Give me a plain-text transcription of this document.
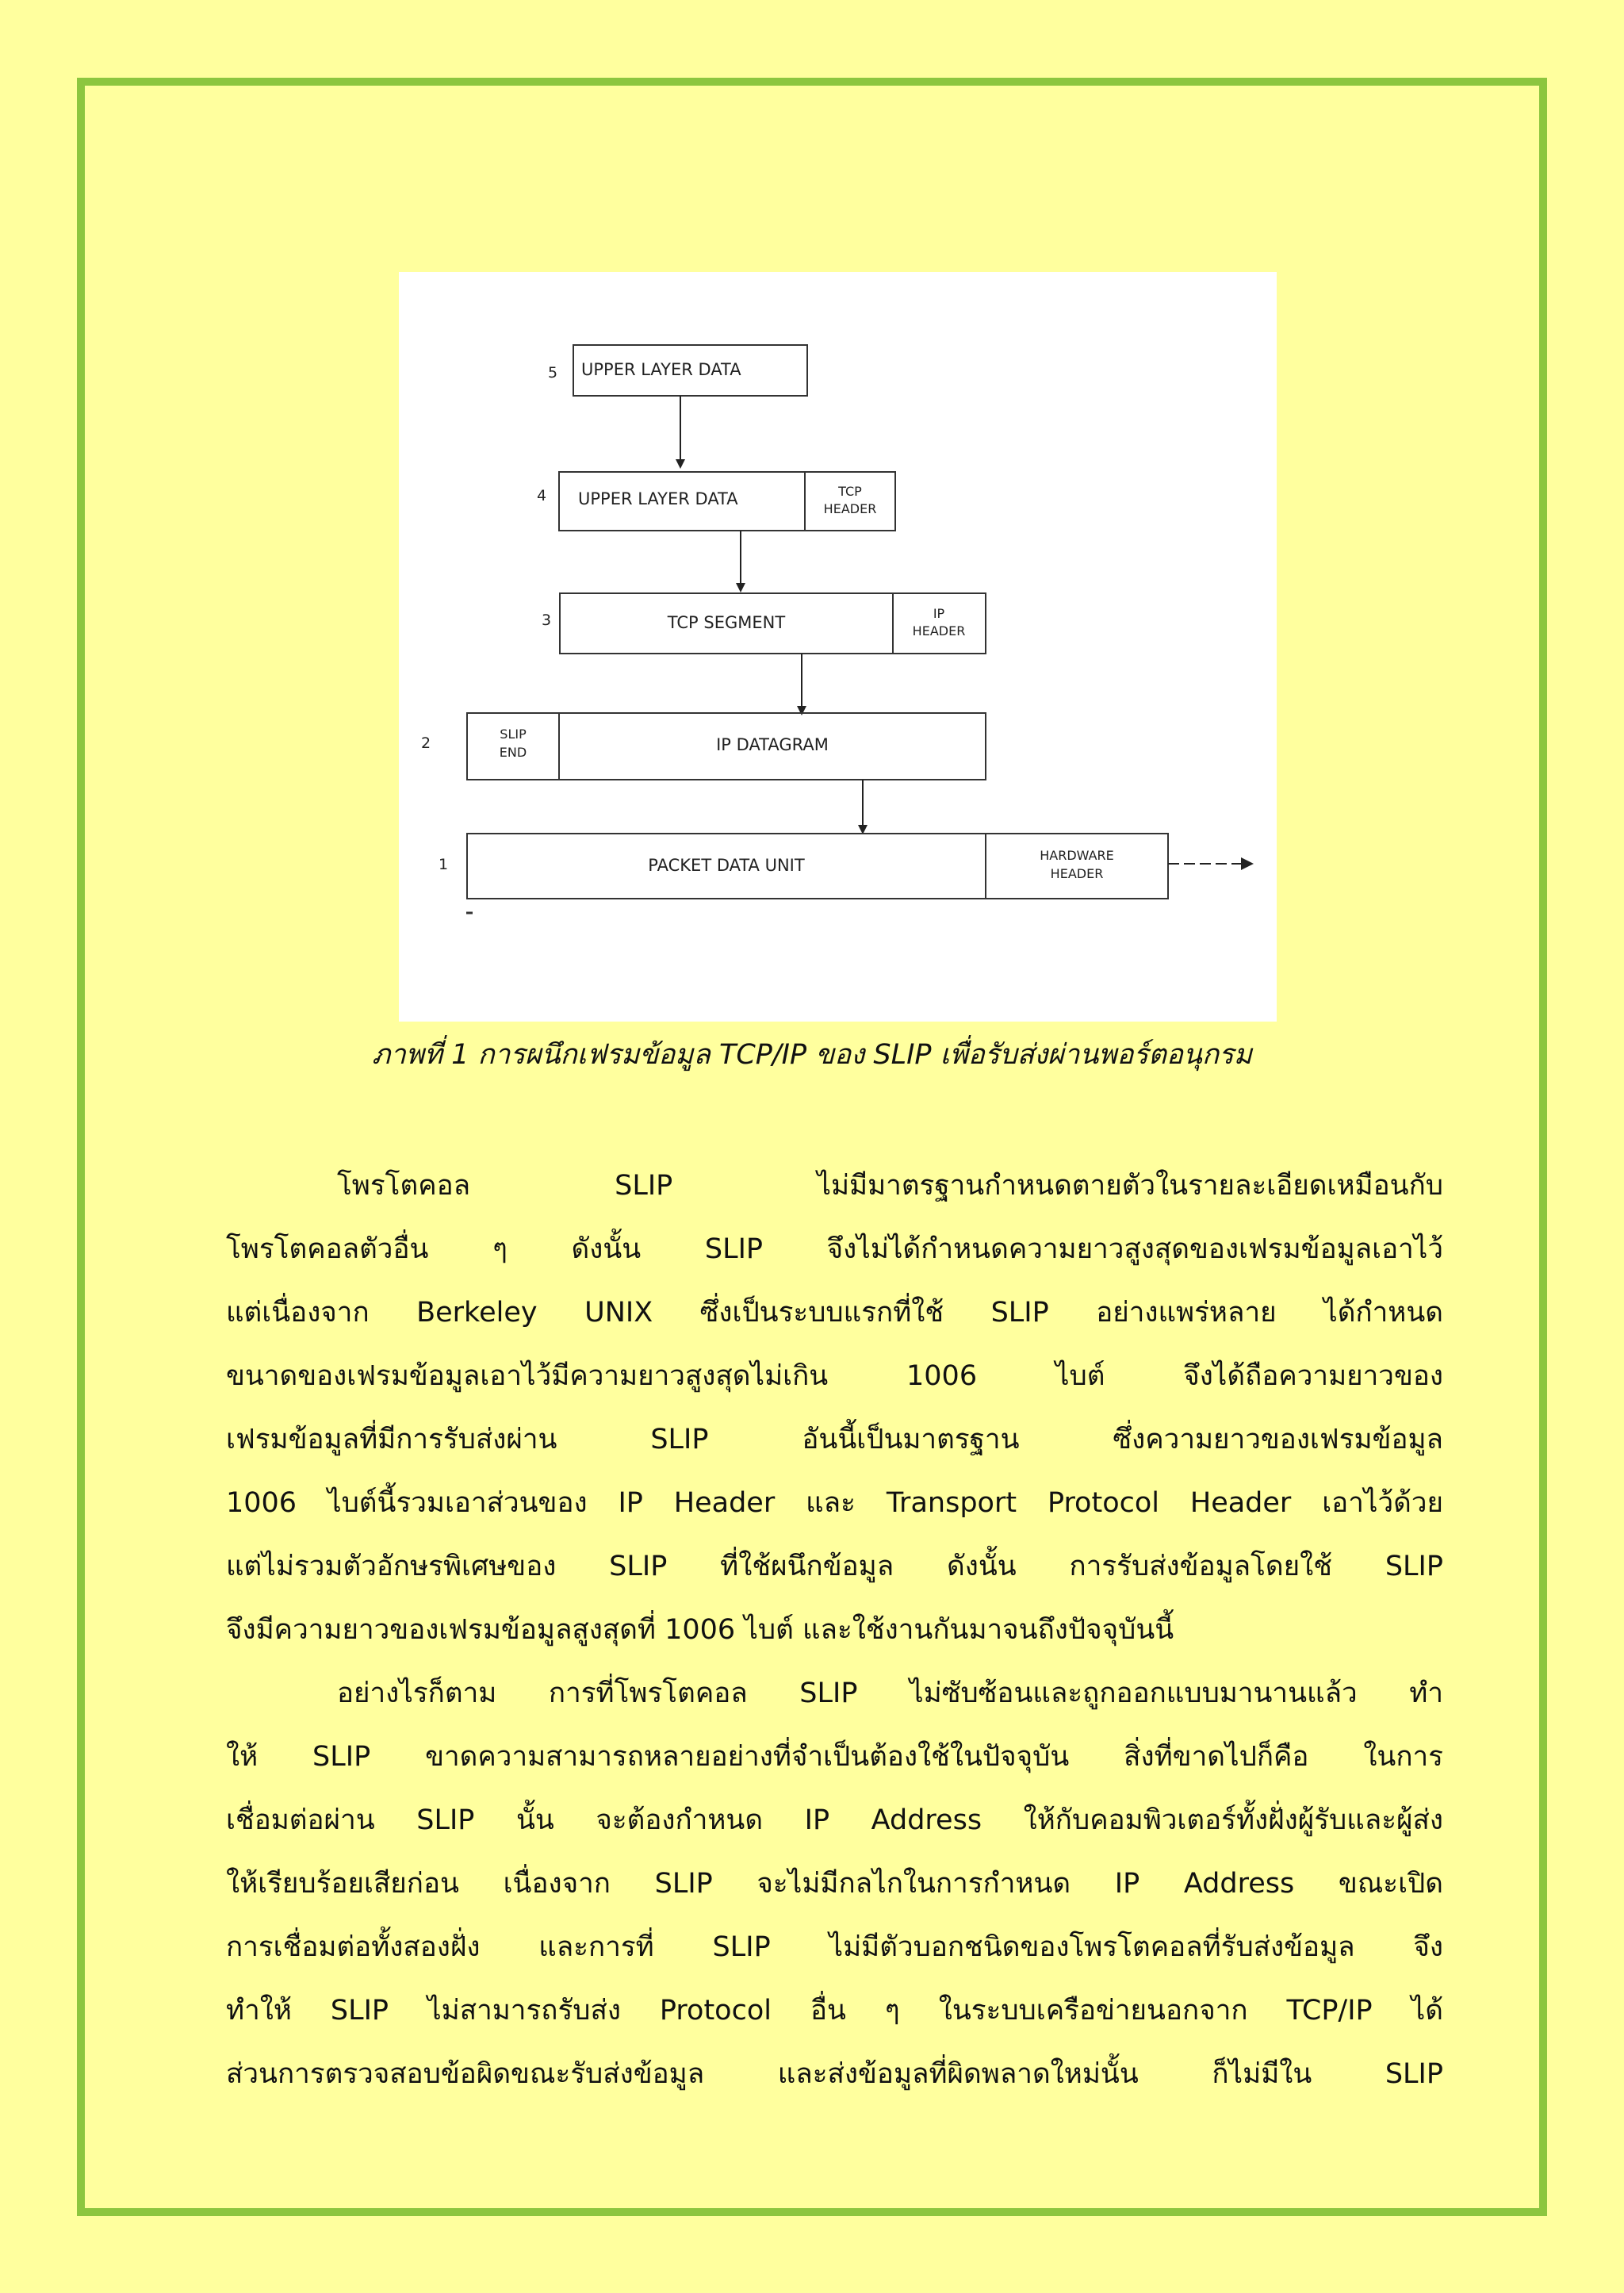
5 UPPER LAYER DATA
4 UPPER LAYER DATA	TCP
HEADER
3	TCP SEGMENT	IP
HEADER
2
SLIP
END	IP DATAGRAM
1	PACKET DATA UNIT
HARDWARE
HEADER
ภาพที่ 1 การผนึกเฟรมข้อมูล TCP/IP ของ SLIP เพื่อรับส่งผ่านพอร์ตอนุกรม
โพรโตคอล SLIP ไม่มีมาตรฐานกำหนดตายตัวในรายละเอียดเหมือนกับ
โพรโตคอลตัวอื่น ๆ ดังนั้น SLIP จึงไม่ได้กำหนดความยาวสูงสุดของเฟรมข้อมูลเอาไว้
แต่เนื่องจาก Berkeley UNIX ซึ่งเป็นระบบแรกที่ใช้ SLIP อย่างแพร่หลาย ได้กำหนด
ขนาดของเฟรมข้อมูลเอาไว้มีความยาวสูงสุดไม่เกิน 1006 ไบต์ จึงได้ถือความยาวของ
เฟรมข้อมูลที่มีการรับส่งผ่าน SLIP อันนี้เป็นมาตรฐาน ซึ่งความยาวของเฟรมข้อมูล
1006 ไบต์นี้รวมเอาส่วนของ IP Header และ Transport Protocol Header เอาไว้ด้วย
แต่ไม่รวมตัวอักษรพิเศษของ SLIP ที่ใช้ผนึกข้อมูล ดังนั้น การรับส่งข้อมูลโดยใช้ SLIP
จึงมีความยาวของเฟรมข้อมูลสูงสุดที่ 1006 ไบต์ และใช้งานกันมาจนถึงปัจจุบันนี้
อย่างไรก็ตาม การที่โพรโตคอล SLIP ไม่ซับซ้อนและถูกออกแบบมานานแล้ว ทำ
ให้ SLIP ขาดความสามารถหลายอย่างที่จำเป็นต้องใช้ในปัจจุบัน สิ่งที่ขาดไปก็คือ ในการ
เชื่อมต่อผ่าน SLIP นั้น จะต้องกำหนด IP Address ให้กับคอมพิวเตอร์ทั้งฝั่งผู้รับและผู้ส่ง
ให้เรียบร้อยเสียก่อน เนื่องจาก SLIP จะไม่มีกลไกในการกำหนด IP Address ขณะเปิด
การเชื่อมต่อทั้งสองฝั่ง และการที่ SLIP ไม่มีตัวบอกชนิดของโพรโตคอลที่รับส่งข้อมูล จึง
ทำให้ SLIP ไม่สามารถรับส่ง Protocol อื่น ๆ ในระบบเครือข่ายนอกจาก TCP/IP ได้
ส่วนการตรวจสอบข้อผิดขณะรับส่งข้อมูล และส่งข้อมูลที่ผิดพลาดใหม่นั้น ก็ไม่มีใน SLIP
